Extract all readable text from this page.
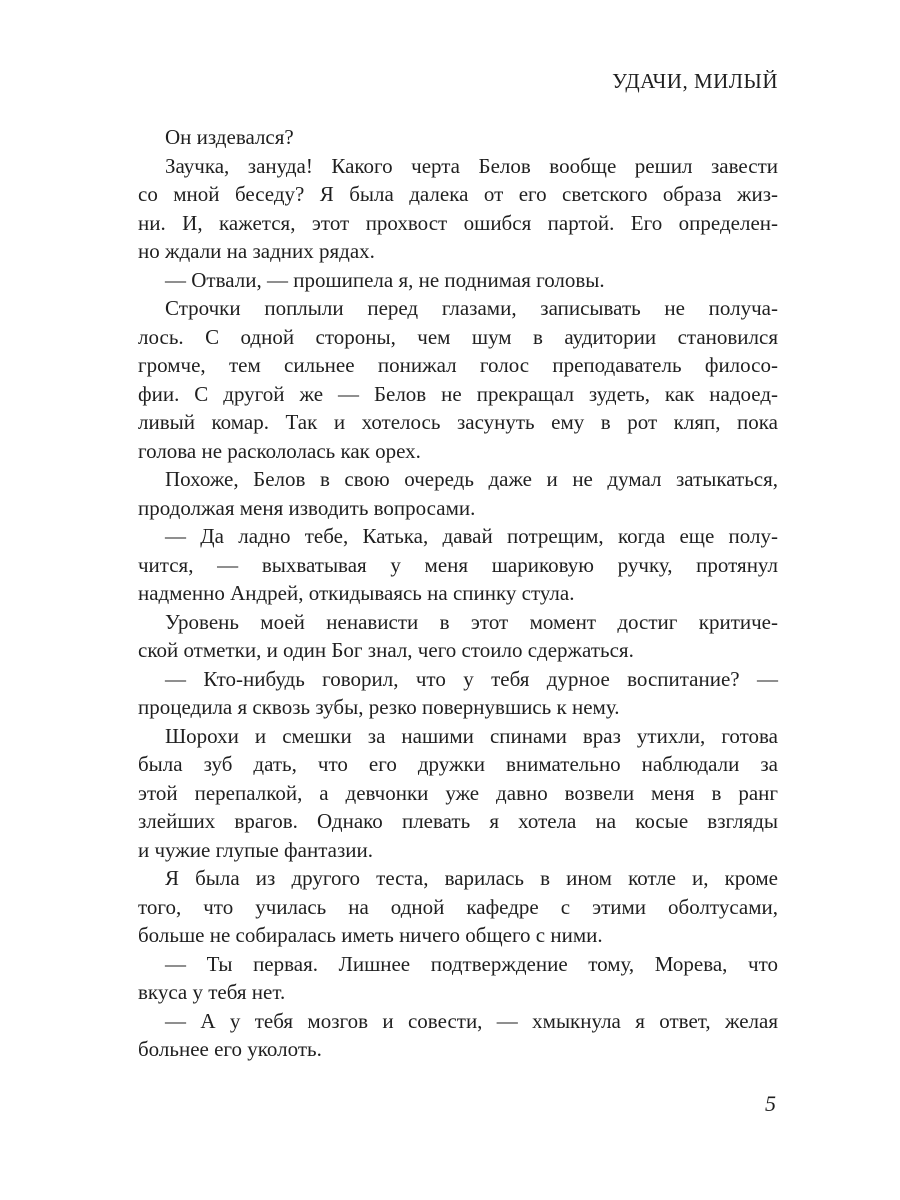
УДАЧИ, МИЛЫЙ
Он издевался?
Заучка, зануда! Какого черта Белов вообще решил завести
со мной беседу? Я была далека от его светского образа жиз-
ни. И, кажется, этот прохвост ошибся партой. Его определен-
но ждали на задних рядах.
— Отвали, — прошипела я, не поднимая головы.
Строчки поплыли перед глазами, записывать не получа-
лось. С одной стороны, чем шум в аудитории становился
громче, тем сильнее понижал голос преподаватель филосо-
фии. С другой же — Белов не прекращал зудеть, как надоед-
ливый комар. Так и хотелось засунуть ему в рот кляп, пока
голова не раскололась как орех.
Похоже, Белов в свою очередь даже и не думал затыкаться,
продолжая меня изводить вопросами.
— Да ладно тебе, Катька, давай потрещим, когда еще полу-
чится, — выхватывая у меня шариковую ручку, протянул
надменно Андрей, откидываясь на спинку стула.
Уровень моей ненависти в этот момент достиг критиче-
ской отметки, и один Бог знал, чего стоило сдержаться.
— Кто-нибудь говорил, что у тебя дурное воспитание? —
процедила я сквозь зубы, резко повернувшись к нему.
Шорохи и смешки за нашими спинами враз утихли, готова
была зуб дать, что его дружки внимательно наблюдали за
этой перепалкой, а девчонки уже давно возвели меня в ранг
злейших врагов. Однако плевать я хотела на косые взгляды
и чужие глупые фантазии.
Я была из другого теста, варилась в ином котле и, кроме
того, что училась на одной кафедре с этими оболтусами,
больше не собиралась иметь ничего общего с ними.
— Ты первая. Лишнее подтверждение тому, Морева, что
вкуса у тебя нет.
— А у тебя мозгов и совести, — хмыкнула я ответ, желая
больнее его уколоть.
5
